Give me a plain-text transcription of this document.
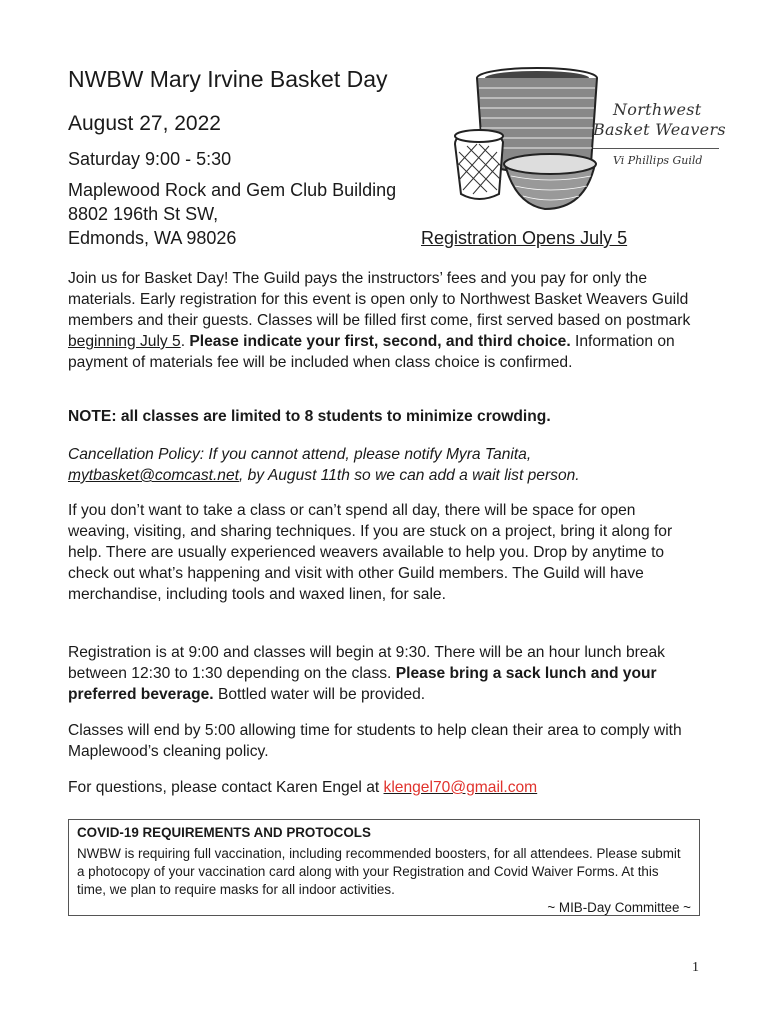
NWBW Mary Irvine Basket Day
August 27, 2022
Saturday 9:00 - 5:30
Maplewood Rock and Gem Club Building
8802 196th St SW,
Edmonds, WA 98026	Registration Opens July 5
Northwest
Basket Weavers
Vi Phillips Guild
Join us for Basket Day! The Guild pays the instructors’ fees and you pay for only the materials. Early registration for this event is open only to Northwest Basket Weavers Guild members and their guests. Classes will be filled first come, first served based on postmark beginning July 5. Please indicate your first, second, and third choice. Information on payment of materials fee will be included when class choice is confirmed.
NOTE: all classes are limited to 8 students to minimize crowding.
Cancellation Policy: If you cannot attend, please notify Myra Tanita, mytbasket@comcast.net, by August 11th so we can add a wait list person.
If you don’t want to take a class or can’t spend all day, there will be space for open weaving, visiting, and sharing techniques. If you are stuck on a project, bring it along for help. There are usually experienced weavers available to help you. Drop by anytime to check out what’s happening and visit with other Guild members. The Guild will have merchandise, including tools and waxed linen, for sale.
Registration is at 9:00 and classes will begin at 9:30. There will be an hour lunch break between 12:30 to 1:30 depending on the class. Please bring a sack lunch and your preferred beverage. Bottled water will be provided.
Classes will end by 5:00 allowing time for students to help clean their area to comply with Maplewood’s cleaning policy.
For questions, please contact Karen Engel at klengel70@gmail.com
COVID-19 REQUIREMENTS AND PROTOCOLS
NWBW is requiring full vaccination, including recommended boosters, for all attendees. Please submit a photocopy of your vaccination card along with your Registration and Covid Waiver Forms. At this time, we plan to require masks for all indoor activities.
~ MIB-Day Committee ~
1
